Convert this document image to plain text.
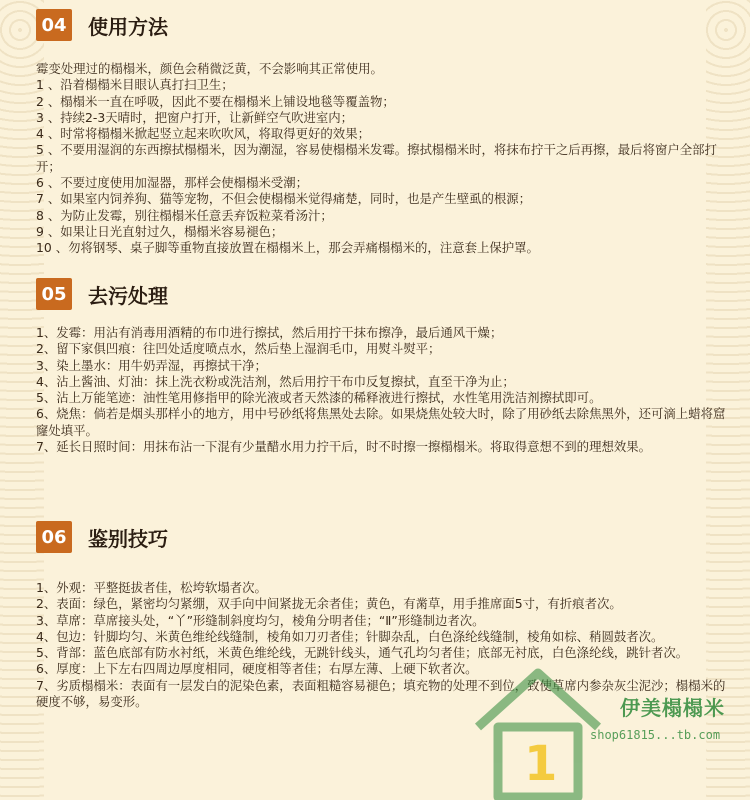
04 使用方法
霉变处理过的榻榻米，颜色会稍微泛黄，不会影响其正常使用。
1 、沿着榻榻米目眼认真打扫卫生；
2 、榻榻米一直在呼吸，因此不要在榻榻米上铺设地毯等覆盖物；
3 、持续2-3天晴时，把窗户打开，让新鲜空气吹进室内；
4 、时常将榻榻米掀起竖立起来吹吹风，将取得更好的效果；
5 、不要用湿润的东西擦拭榻榻米，因为潮湿，容易使榻榻米发霉。擦拭榻榻米时，将抹布拧干之后再擦，最后将窗户全部打开；
6 、不要过度使用加湿器，那样会使榻榻米受潮；
7 、如果室内饲养狗、猫等宠物，不但会使榻榻米觉得痛楚，同时，也是产生壁虱的根源；
8 、为防止发霉，别往榻榻米任意丢弃饭粒菜肴汤汁；
9 、如果让日光直射过久，榻榻米容易褪色；
10 、勿将钢琴、桌子脚等重物直接放置在榻榻米上，那会弄痛榻榻米的，注意套上保护罩。
05 去污处理
1、发霉：用沾有消毒用酒精的布巾进行擦拭，然后用拧干抹布擦净，最后通风干燥；
2、留下家俱凹痕：往凹处适度喷点水，然后垫上湿润毛巾，用熨斗熨平；
3、染上墨水：用牛奶弄湿，再擦拭干净；
4、沾上酱油、灯油：抹上洗衣粉或洗洁剂，然后用拧干布巾反复擦拭，直至干净为止；
5、沾上万能笔迹：油性笔用修指甲的除光液或者天然漆的稀释液进行擦拭，水性笔用洗洁剂擦拭即可。
6、烧焦：倘若是烟头那样小的地方，用中号砂纸将焦黑处去除。如果烧焦处较大时，除了用砂纸去除焦黑外，还可滴上蜡将窟窿处填平。
7、延长日照时间：用抹布沾一下混有少量醋水用力拧干后，时不时擦一擦榻榻米。将取得意想不到的理想效果。
06 鉴别技巧
1、外观：平整挺拔者佳，松垮软塌者次。
2、表面：绿色，紧密均匀紧绷，双手向中间紧拢无余者佳；黄色，有黹草，用手推席面5寸，有折痕者次。
3、草席：草席接头处，“丫”形缝制斜度均匀，棱角分明者佳；“Ⅱ”形缝制边者次。
4、包边：针脚均匀、米黄色维纶线缝制，棱角如刀刃者佳；针脚杂乱，白色涤纶线缝制，棱角如棕、稍圆鼓者次。
5、背部：蓝色底部有防水衬纸，米黄色维纶线，无跳针线头，通气孔均匀者佳；底部无衬底，白色涤纶线，跳针者次。
6、厚度：上下左右四周边厚度相同，硬度相等者佳；右厚左薄、上硬下软者次。
7、劣质榻榻米：表面有一层发白的泥染色素，表面粗糙容易褪色；填充物的处理不到位，致使草席内参杂灰尘泥沙；榻榻米的硬度不够，易变形。
1
伊美榻榻米
shop61815...tb.com
